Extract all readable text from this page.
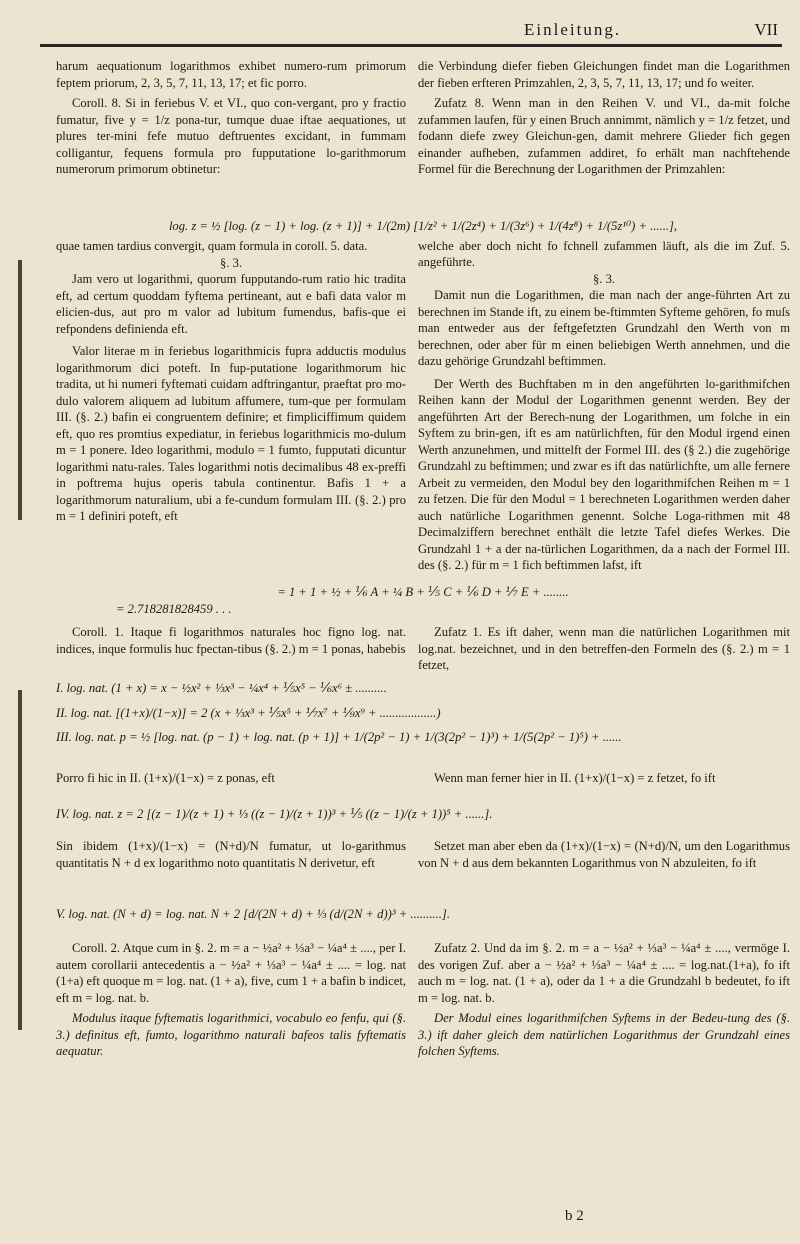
Einleitung.	VII

harum aequationum logarithmos exhibet numero-rum primorum feptem priorum, 2, 3, 5, 7, 11, 13, 17; et fic porro.

Coroll. 8. Si in feriebus V. et VI., quo con-vergant, pro y fractio fumatur, five y = 1/z pona-tur, tumque duae iftae aequationes, ut plures ter-mini fefe mutuo deftruentes excidant, in fummam colligantur, fequens formula pro fupputatione lo-garithmorum numerorum primorum obtinetur:

quae tamen tardius convergit, quam formula in coroll. 5. data.

§. 3.

Jam vero ut logarithmi, quorum fupputando-rum ratio hic tradita eft, ad certum quoddam fyftema pertineant, aut e bafi data valor m elicien-dus, aut pro m valor ad lubitum fumendus, bafis-que ei refpondens definienda eft.

Valor literae m in feriebus logarithmicis fupra adductis modulus logarithmorum dici poteft. In fup-putatione logarithmorum hic tradita, ut hi numeri fyftemati cuidam adftringantur, praeftat pro mo-dulo valorem aliquem ad lubitum affumere, tum-que per formulam III. (§. 2.) bafin ei congruentem definire; et fimpliciffimum quidem eft, quo res promtius expediatur, in feriebus logarithmicis mo-dulum m = 1 ponere. Ideo logarithmi, modulo = 1 fumto, fupputati dicuntur logarithmi natu-rales. Tales logarithmi notis decimalibus 48 ex-preffi in poftrema hujus operis tabula continentur. Bafis 1 + a logarithmorum naturalium, ubi a fe-cundum formulam III. (§. 2.) pro m = 1 definiri poteft, eft

die Verbindung diefer fieben Gleichungen findet man die Logarithmen der fieben erfteren Primzahlen, 2, 3, 5, 7, 11, 13, 17; und fo weiter.

Zufatz 8. Wenn man in den Reihen V. und VI., da-mit folche zufammen laufen, für y einen Bruch annimmt, nämlich y = 1/z fetzet, und fodann diefe zwey Gleichun-gen, damit mehrere Glieder fich gegen einander aufheben, zufammen addiret, fo erhält man nachftehende Formel für die Berechnung der Logarithmen der Primzahlen:

welche aber doch nicht fo fchnell zufammen läuft, als die im Zuf. 5. angeführte.

§. 3.

Damit nun die Logarithmen, die man nach der ange-führten Art zu berechnen im Stande ift, zu einem be-ftimmten Syfteme gehören, fo muſs man entweder aus der feftgefetzten Grundzahl den Werth von m berechnen, oder aber für m einen beliebigen Werth annehmen, und die dazu gehörige Grundzahl beftimmen.

Der Werth des Buchftaben m in den angeführten lo-garithmifchen Reihen kann der Modul der Logarithmen genennt werden. Bey der angeführten Art der Berech-nung der Logarithmen, um folche in ein Syftem zu brin-gen, ift es am natürlichften, für den Modul irgend einen Werth anzunehmen, und mittelft der Formel III. des (§ 2.) die zugehörige Grundzahl zu beftimmen; und zwar es ift das natürlichfte, um alle fernere Arbeit zu vermeiden, den Modul bey den logarithmifchen Reihen m = 1 zu fetzen. Die für den Modul = 1 berechneten Logarithmen werden daher auch natürliche Logarithmen genennt. Solche Loga-rithmen mit 48 Decimalziffern berechnet enthält die letzte Tafel diefes Werkes. Die Grundzahl 1 + a der na-türlichen Logarithmen, da a nach der Formel III. des (§. 2.) für m = 1 fich beftimmen lafst, ift

log. z = ½ [log. (z − 1) + log. (z + 1)] + 1/(2m) [1/z² + 1/(2z⁴) + 1/(3z⁶) + 1/(4z⁸) + 1/(5z¹⁰) + ......],

= 1 + 1 + ½ + ⅙ A + ¼ B + ⅕ C + ⅙ D + ⅐ E + ........

= 2.718281828459 . . .

Coroll. 1. Itaque fi logarithmos naturales hoc figno log. nat. indices, inque formulis huc fpectan-tibus (§. 2.) m = 1 ponas, habebis

Zufatz 1. Es ift daher, wenn man die natürlichen Logarithmen mit log.nat. bezeichnet, und in den betreffen-den Formeln des (§. 2.) m = 1 fetzet,

I. log. nat. (1 + x) = x − ½x² + ⅓x³ − ¼x⁴ + ⅕x⁵ − ⅙x⁶ ± ..........

II. log. nat. [(1+x)/(1−x)] = 2 (x + ⅓x³ + ⅕x⁵ + ⅐x⁷ + ⅑x⁹ + ..................)

III. log. nat. p = ½ [log. nat. (p − 1) + log. nat. (p + 1)] + 1/(2p² − 1) + 1/(3(2p² − 1)³) + 1/(5(2p² − 1)⁵) + ......

Porro fi hic in II. (1+x)/(1−x) = z ponas, eft	Wenn man ferner hier in II. (1+x)/(1−x) = z fetzet, fo ift

IV. log. nat. z = 2 [(z − 1)/(z + 1) + ⅓ ((z − 1)/(z + 1))³ + ⅕ ((z − 1)/(z + 1))⁵ + ......].

Sin ibidem (1+x)/(1−x) = (N+d)/N fumatur, ut lo-garithmus quantitatis N + d ex logarithmo noto quantitatis N derivetur, eft

Setzet man aber eben da (1+x)/(1−x) = (N+d)/N, um den Logarithmus von N + d aus dem bekannten Logarithmus von N abzuleiten, fo ift

V. log. nat. (N + d) = log. nat. N + 2 [d/(2N + d) + ⅓ (d/(2N + d))³ + ..........].

Coroll. 2. Atque cum in §. 2. m = a − ½a² + ⅓a³ − ¼a⁴ ± ...., per I. autem corollarii antecedentis a − ½a² + ⅓a³ − ¼a⁴ ± .... = log. nat (1+a) eft quoque m = log. nat. (1 + a), five, cum 1 + a bafin b indicet, eft m = log. nat. b.

Modulus itaque fyftematis logarithmici, vocabulo eo fenfu, qui (§. 3.) definitus eft, fumto, logarithmo naturali bafeos talis fyftematis aequatur.

Zufatz 2. Und da im §. 2. m = a − ½a² + ⅓a³ − ¼a⁴ ± ...., vermöge I. des vorigen Zuf. aber a − ½a² + ⅓a³ − ¼a⁴ ± .... = log.nat.(1+a), fo ift auch m = log. nat. (1 + a), oder da 1 + a die Grundzahl b bedeutet, fo ift m = log. nat. b.

Der Modul eines logarithmifchen Syftems in der Bedeu-tung des (§. 3.) ift daher gleich dem natürlichen Logarithmus der Grundzahl eines folchen Syftems.

b 2
